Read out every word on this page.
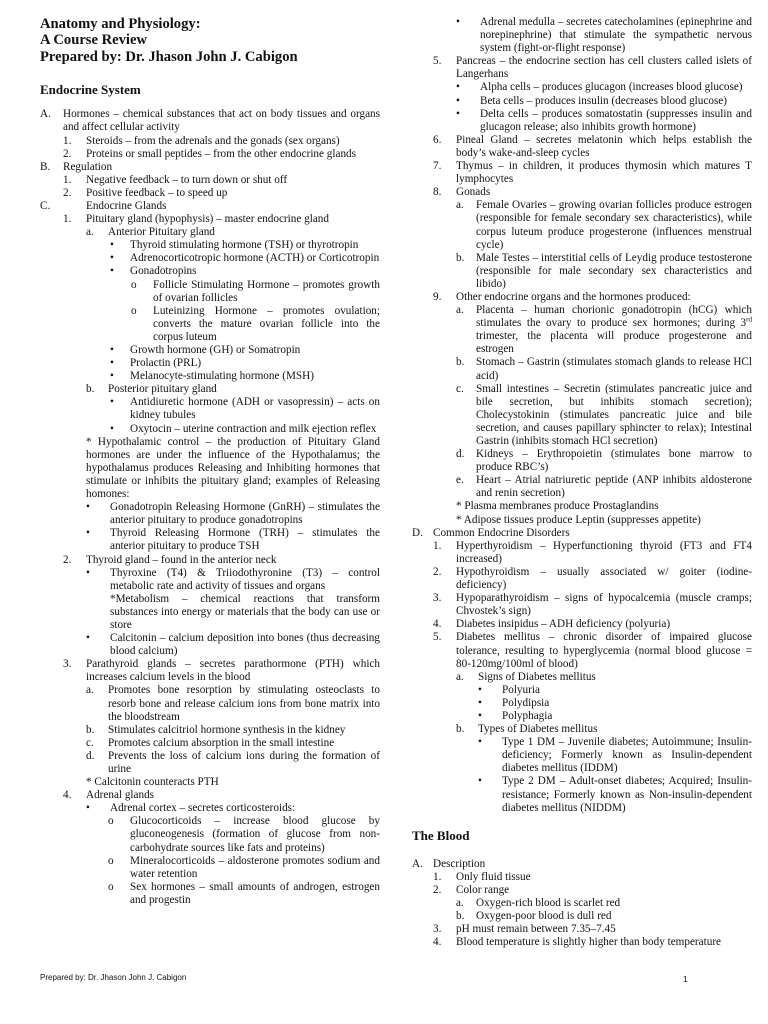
Anatomy and Physiology:
A Course Review
Prepared by: Dr. Jhason John J. Cabigon
Endocrine System
A.	Hormones – chemical substances that act on body tissues and organs and affect cellular activity
1.	Steroids – from the adrenals and the gonads (sex organs)
2.	Proteins or small peptides – from the other endocrine glands
B.	Regulation
1.	Negative feedback – to turn down or shut off
2.	Positive feedback – to speed up
C.	Endocrine Glands
1.	Pituitary gland (hypophysis) – master endocrine gland
a.	Anterior Pituitary gland
•	Thyroid stimulating hormone (TSH) or thyrotropin
•	Adrenocorticotropic hormone (ACTH) or Corticotropin
•	Gonadotropins
o	Follicle Stimulating Hormone – promotes growth of ovarian follicles
o	Luteinizing Hormone – promotes ovulation; converts the mature ovarian follicle into the corpus luteum
•	Growth hormone (GH) or Somatropin
•	Prolactin (PRL)
•	Melanocyte-stimulating hormone (MSH)
b.	Posterior pituitary gland
•	Antidiuretic hormone (ADH or vasopressin) – acts on kidney tubules
•	Oxytocin – uterine contraction and milk ejection reflex
* Hypothalamic control – the production of Pituitary Gland hormones are under the influence of the Hypothalamus; the hypothalamus produces Releasing and Inhibiting hormones that stimulate or inhibits the pituitary gland; examples of Releasing homones:
•	Gonadotropin Releasing Hormone (GnRH) – stimulates the anterior pituitary to produce gonadotropins
•	Thyroid Releasing Hormone (TRH) – stimulates the anterior pituitary to produce TSH
2.	Thyroid gland – found in the anterior neck
•	Thyroxine (T4) & Triiodothyronine (T3) – control metabolic rate and activity of tissues and organs
*Metabolism – chemical reactions that transform substances into energy or materials that the body can use or store
•	Calcitonin – calcium deposition into bones (thus decreasing blood calcium)
3.	Parathyroid glands – secretes parathormone (PTH) which increases calcium levels in the blood
a.	Promotes bone resorption by stimulating osteoclasts to resorb bone and release calcium ions from bone matrix into the bloodstream
b.	Stimulates calcitriol hormone synthesis in the kidney
c.	Promotes calcium absorption in the small intestine
d.	Prevents the loss of calcium ions during the formation of urine
* Calcitonin counteracts PTH
4.	Adrenal glands
•	Adrenal cortex – secretes corticosteroids:
o	Glucocorticoids – increase blood glucose by gluconeogenesis (formation of glucose from non-carbohydrate sources like fats and proteins)
o	Mineralocorticoids – aldosterone promotes sodium and water retention
o	Sex hormones – small amounts of androgen, estrogen and progestin
•	Adrenal medulla – secretes catecholamines (epinephrine and norepinephrine) that stimulate the sympathetic nervous system (fight-or-flight response)
5.	Pancreas – the endocrine section has cell clusters called islets of Langerhans
•	Alpha cells – produces glucagon (increases blood glucose)
•	Beta cells – produces insulin (decreases blood glucose)
•	Delta cells – produces somatostatin (suppresses insulin and glucagon release; also inhibits growth hormone)
6.	Pineal Gland – secretes melatonin which helps establish the body’s wake-and-sleep cycles
7.	Thymus – in children, it produces thymosin which matures T lymphocytes
8.	Gonads
a.	Female Ovaries – growing ovarian follicles produce estrogen (responsible for female secondary sex characteristics), while corpus luteum produce progesterone (influences menstrual cycle)
b.	Male Testes – interstitial cells of Leydig produce testosterone (responsible for male secondary sex characteristics and libido)
9.	Other endocrine organs and the hormones produced:
a.	Placenta – human chorionic gonadotropin (hCG) which stimulates the ovary to produce sex hormones; during 3rd trimester, the placenta will produce progesterone and estrogen
b.	Stomach – Gastrin (stimulates stomach glands to release HCl acid)
c.	Small intestines – Secretin (stimulates pancreatic juice and bile secretion, but inhibits stomach secretion); Cholecystokinin (stimulates pancreatic juice and bile secretion, and causes papillary sphincter to relax); Intestinal Gastrin (inhibits stomach HCl secretion)
d.	Kidneys – Erythropoietin (stimulates bone marrow to produce RBC’s)
e.	Heart – Atrial natriuretic peptide (ANP inhibits aldosterone and renin secretion)
* Plasma membranes produce Prostaglandins
* Adipose tissues produce Leptin (suppresses appetite)
D. Common Endocrine Disorders
1.	Hyperthyroidism – Hyperfunctioning thyroid (FT3 and FT4 increased)
2.	Hypothyroidism – usually associated w/ goiter (iodine-deficiency)
3.	Hypoparathyroidism – signs of hypocalcemia (muscle cramps; Chvostek’s sign)
4.	Diabetes insipidus – ADH deficiency (polyuria)
5.	Diabetes mellitus – chronic disorder of impaired glucose tolerance, resulting to hyperglycemia (normal blood glucose = 80-120mg/100ml of blood)
a.	Signs of Diabetes mellitus
•	Polyuria
•	Polydipsia
•	Polyphagia
b.	Types of Diabetes mellitus
•	Type 1 DM – Juvenile diabetes; Autoimmune; Insulin-deficiency; Formerly known as Insulin-dependent diabetes mellitus (IDDM)
•	Type 2 DM – Adult-onset diabetes; Acquired; Insulin-resistance; Formerly known as Non-insulin-dependent diabetes mellitus (NIDDM)
The Blood
A. Description
1.	Only fluid tissue
2.	Color range
a.	Oxygen-rich blood is scarlet red
b.	Oxygen-poor blood is dull red
3.	pH must remain between 7.35–7.45
4.	Blood temperature is slightly higher than body temperature
Prepared by: Dr. Jhason John J. Cabigon	1
